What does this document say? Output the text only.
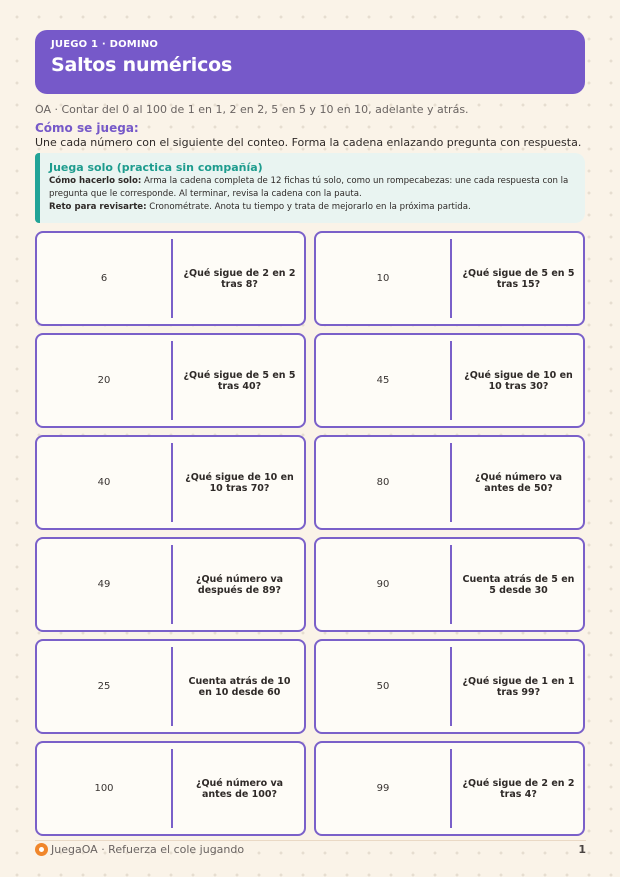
JUEGO 1 · DOMINO
Saltos numéricos
OA · Contar del 0 al 100 de 1 en 1, 2 en 2, 5 en 5 y 10 en 10, adelante y atrás.
Cómo se juega:
Une cada número con el siguiente del conteo. Forma la cadena enlazando pregunta con respuesta.
Juega solo (practica sin compañía)

Cómo hacerlo solo: Arma la cadena completa de 12 fichas tú solo, como un rompecabezas: une cada respuesta con la pregunta que le corresponde. Al terminar, revisa la cadena con la pauta.

Reto para revisarte: Cronométrate. Anota tu tiempo y trata de mejorarlo en la próxima partida.

6	¿Qué sigue de 2 en 2 tras 8?	10	¿Qué sigue de 5 en 5 tras 15?
20	¿Qué sigue de 5 en 5 tras 40?	45	¿Qué sigue de 10 en 10 tras 30?
40	¿Qué sigue de 10 en 10 tras 70?	80	¿Qué número va antes de 50?
49	¿Qué número va después de 89?	90	Cuenta atrás de 5 en 5 desde 30
25	Cuenta atrás de 10 en 10 desde 60	50	¿Qué sigue de 1 en 1 tras 99?
100	¿Qué número va antes de 100?	99	¿Qué sigue de 2 en 2 tras 4?
JuegaOA · Refuerza el cole jugando	1
